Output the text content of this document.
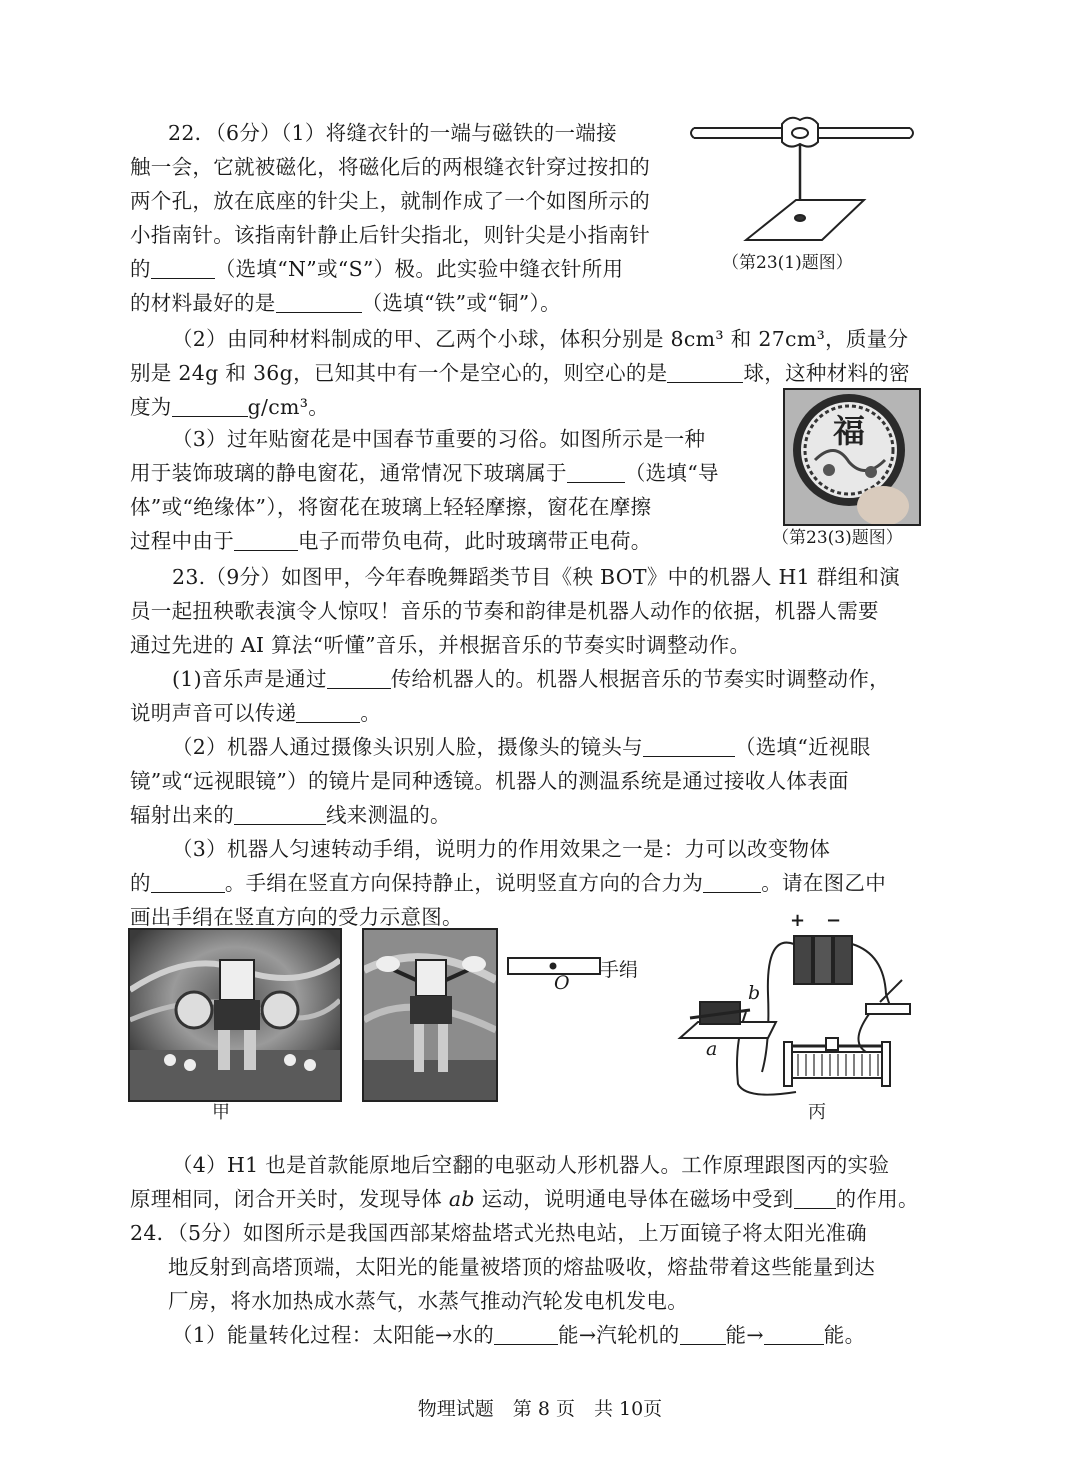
22．（6分）（1）将缝衣针的一端与磁铁的一端接
触一会，它就被磁化，将磁化后的两根缝衣针穿过按扣的
两个孔，放在底座的针尖上，就制作成了一个如图所示的
小指南针。该指南针静止后针尖指北，则针尖是小指南针
的	（选填“N”或“S”）极。此实验中缝衣针所用
的材料最好的是	（选填“铁”或“铜”）。
（第23(1)题图）
（2）由同种材料制成的甲、乙两个小球，体积分别是 8cm³ 和 27cm³，质量分
别是 24g 和 36g，已知其中有一个是空心的，则空心的是	球，这种材料的密
度为	g/cm³。
（3）过年贴窗花是中国春节重要的习俗。如图所示是一种
用于装饰玻璃的静电窗花，通常情况下玻璃属于	（选填“导
体”或“绝缘体”），将窗花在玻璃上轻轻摩擦，窗花在摩擦
过程中由于	电子而带负电荷，此时玻璃带正电荷。
福
（第23(3)题图）
23.（9分）如图甲，今年春晚舞蹈类节目《秧 BOT》中的机器人 H1 群组和演
员一起扭秧歌表演令人惊叹！音乐的节奏和韵律是机器人动作的依据，机器人需要
通过先进的 AI 算法“听懂”音乐，并根据音乐的节奏实时调整动作。
(1)音乐声是通过	传给机器人的。机器人根据音乐的节奏实时调整动作，
说明声音可以传递	。
（2）机器人通过摄像头识别人脸，摄像头的镜头与	（选填“近视眼
镜”或“远视眼镜”）的镜片是同种透镜。机器人的测温系统是通过接收人体表面
辐射出来的	线来测温的。
（3）机器人匀速转动手绢，说明力的作用效果之一是：力可以改变物体
的	。手绢在竖直方向保持静止，说明竖直方向的合力为	。请在图乙中
画出手绢在竖直方向的受力示意图。
甲
O
手绢
+ −
b
a
丙
（4）H1 也是首款能原地后空翻的电驱动人形机器人。工作原理跟图丙的实验
原理相同，闭合开关时，发现导体 ab 运动，说明通电导体在磁场中受到 的作用。
24．（5分）如图所示是我国西部某熔盐塔式光热电站，上万面镜子将太阳光准确
地反射到高塔顶端，太阳光的能量被塔顶的熔盐吸收，熔盐带着这些能量到达
厂房，将水加热成水蒸气，水蒸气推动汽轮发电机发电。
（1）能量转化过程：太阳能→水的	能→汽轮机的 能→	能。
物理试题　第 8 页　共 10页
